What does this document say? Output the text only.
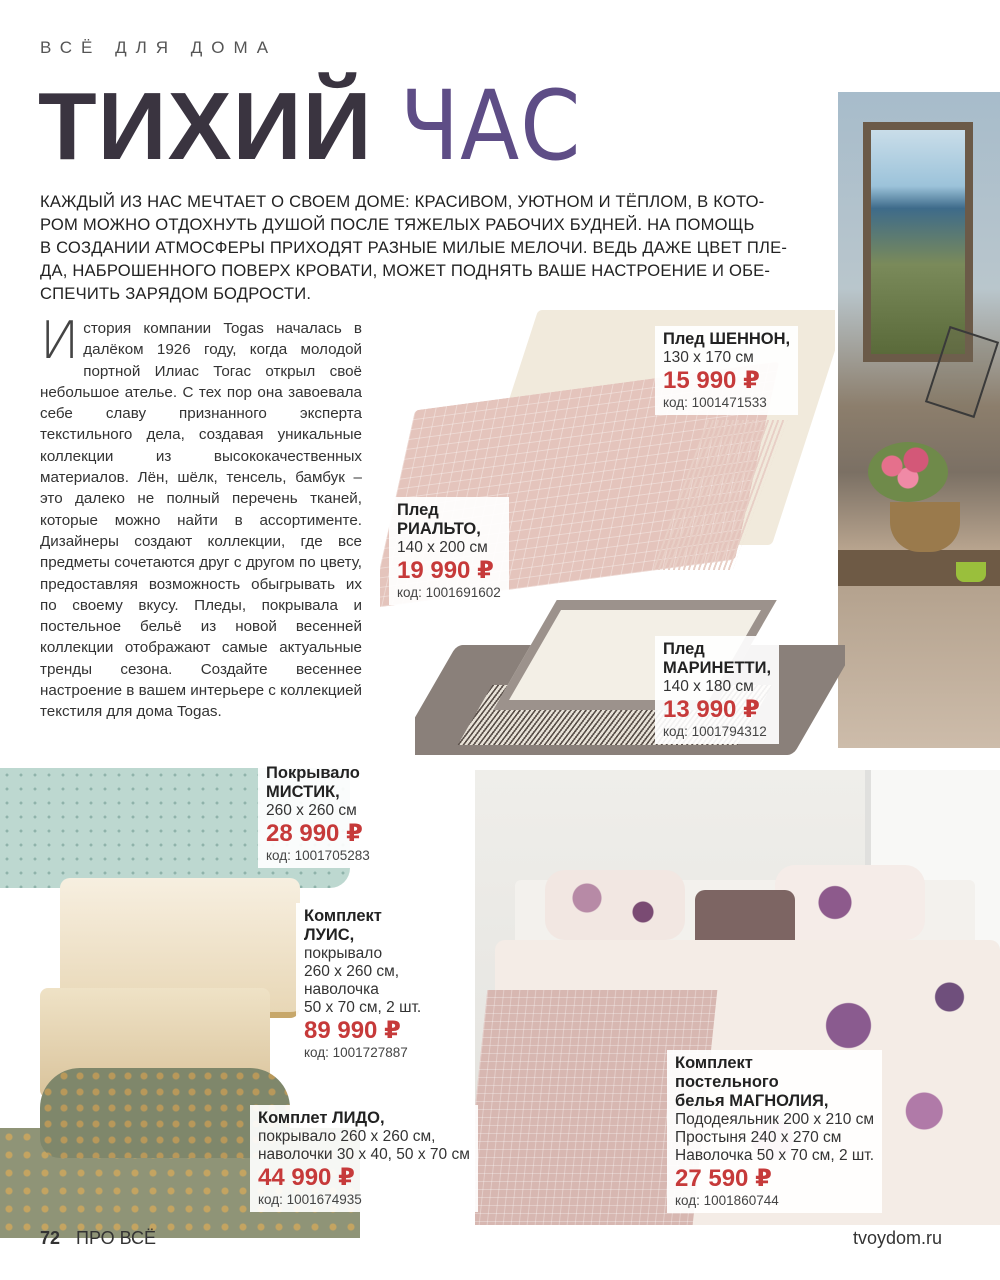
ВСЁ ДЛЯ ДОМА
ТИХИЙ ЧАС
КАЖДЫЙ ИЗ НАС МЕЧТАЕТ О СВОЕМ ДОМЕ: КРАСИВОМ, УЮТНОМ И ТЁПЛОМ, В КОТО-
РОМ МОЖНО ОТДОХНУТЬ ДУШОЙ ПОСЛЕ ТЯЖЕЛЫХ РАБОЧИХ БУДНЕЙ. НА ПОМОЩЬ
В СОЗДАНИИ АТМОСФЕРЫ ПРИХОДЯТ РАЗНЫЕ МИЛЫЕ МЕЛОЧИ. ВЕДЬ ДАЖЕ ЦВЕТ ПЛЕ-
ДА, НАБРОШЕННОГО ПОВЕРХ КРОВАТИ, МОЖЕТ ПОДНЯТЬ ВАШЕ НАСТРОЕНИЕ И ОБЕ-
СПЕЧИТЬ ЗАРЯДОМ БОДРОСТИ.
История компании Togas началась в далёком 1926 году, когда молодой портной Илиас Тогас открыл своё небольшое ателье. С тех пор она завоевала себе славу признанного эксперта текстильного дела, создавая уникальные коллекции из высококачественных материалов. Лён, шёлк, тенсель, бамбук – это далеко не полный перечень тканей, которые можно найти в ассортименте. Дизайнеры создают коллекции, где все предметы сочетаются друг с другом по цвету, предоставляя возможность обыгрывать их по своему вкусу. Пледы, покрывала и постельное бельё из новой весенней коллекции отображают самые актуальные тренды сезона. Создайте весеннее настроение в вашем интерьере с коллекцией текстиля для дома Togas.
Плед ШЕННОН,
130 х 170 см
15 990 ₽
код: 1001471533
Плед
РИАЛЬТО,
140 х 200 см
19 990 ₽
код: 1001691602
Плед
МАРИНЕТТИ,
140 х 180 см
13 990 ₽
код: 1001794312
Покрывало
МИСТИК,
260 х 260 см
28 990 ₽
код: 1001705283
Комплект
ЛУИС,
покрывало
260 х 260 см,
наволочка
50 х 70 см, 2 шт.
89 990 ₽
код: 1001727887
Комплет ЛИДО,
покрывало 260 х 260 см,
наволочки 30 х 40, 50 х 70 см
44 990 ₽
код: 1001674935
Комплект
постельного
белья МАГНОЛИЯ,
Пододеяльник 200 х 210 см
Простыня 240 х 270 см
Наволочка 50 х 70 см, 2 шт.
27 590 ₽
код: 1001860744
72 ПРО ВСЁ	tvoydom.ru
